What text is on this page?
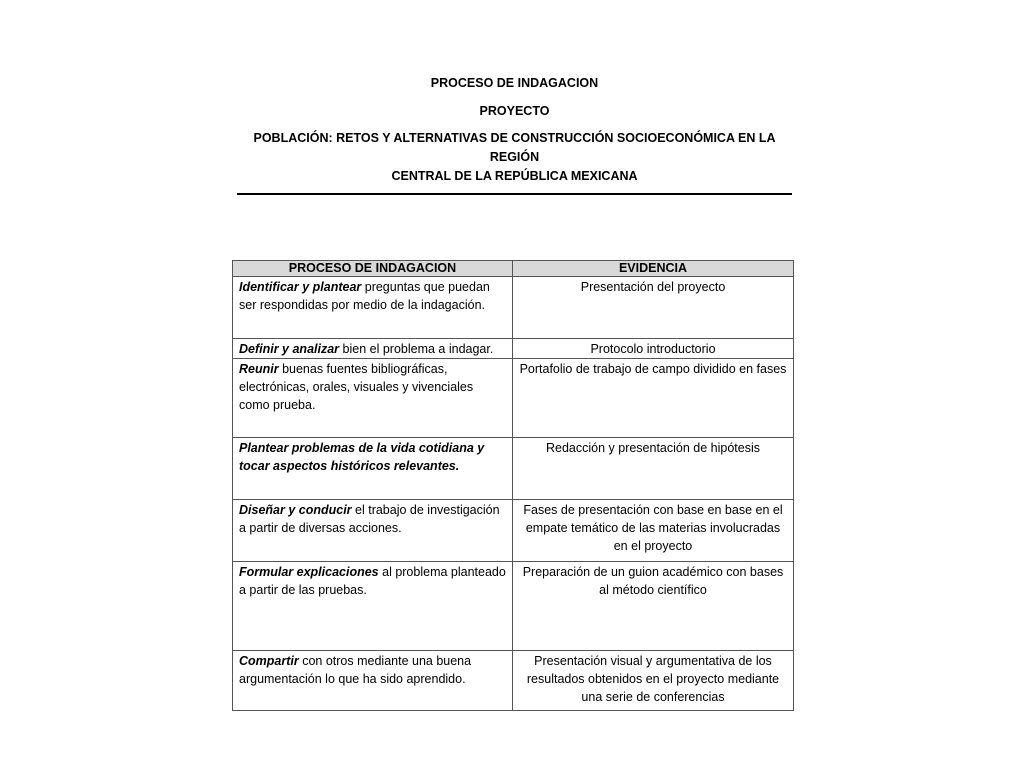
PROCESO DE INDAGACION
PROYECTO
POBLACIÓN: RETOS Y ALTERNATIVAS DE CONSTRUCCIÓN SOCIOECONÓMICA EN LA REGIÓN
CENTRAL DE LA REPÚBLICA MEXICANA
PROCESO DE INDAGACION	EVIDENCIA
Identificar y plantear preguntas que puedan ser respondidas por medio de la indagación.	Presentación del proyecto
Definir y analizar bien el problema a indagar.	Protocolo introductorio
Reunir buenas fuentes bibliográficas, electrónicas, orales, visuales y vivenciales como prueba.	Portafolio de trabajo de campo dividido en fases
Plantear problemas de la vida cotidiana y tocar aspectos históricos relevantes.	Redacción y presentación de hipótesis
Diseñar y conducir el trabajo de investigación a partir de diversas acciones.	Fases de presentación con base en base en el empate temático de las materias involucradas en el proyecto
Formular explicaciones al problema planteado a partir de las pruebas.	Preparación de un guion académico con bases al método científico
Compartir con otros mediante una buena argumentación lo que ha sido aprendido.	Presentación visual y argumentativa de los resultados obtenidos en el proyecto mediante una serie de conferencias
